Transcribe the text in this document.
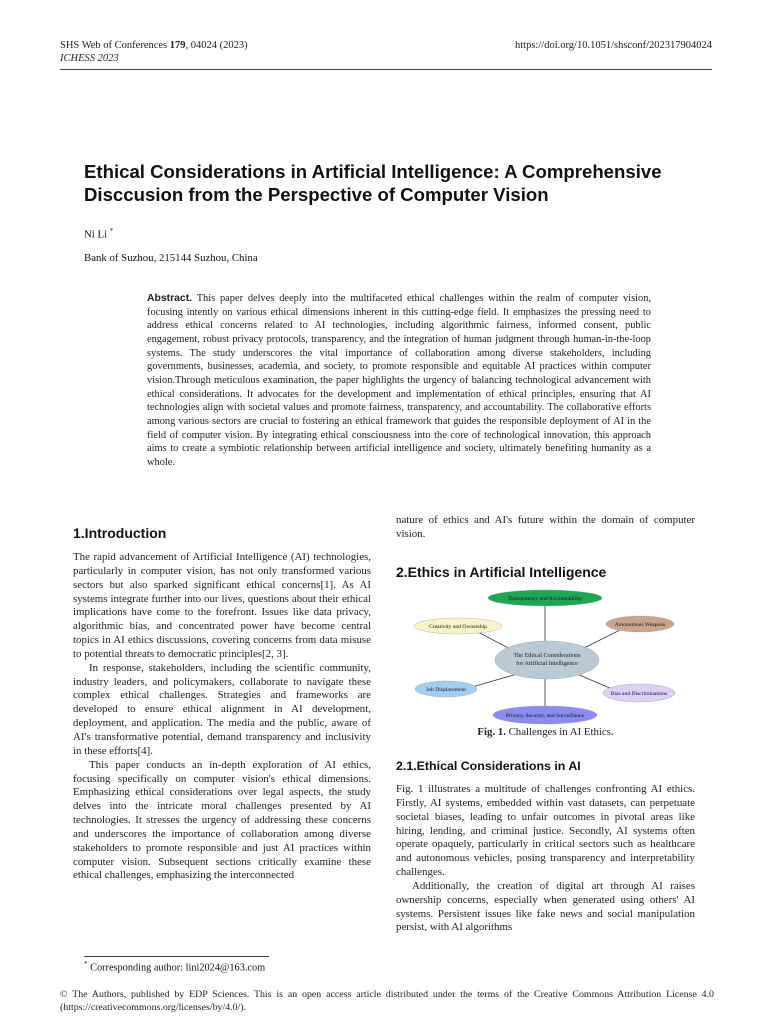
SHS Web of Conferences 179, 04024 (2023)
ICHESS 2023
https://doi.org/10.1051/shsconf/202317904024
Ethical Considerations in Artificial Intelligence: A Comprehensive Disccusion from the Perspective of Computer Vision
Ni Li *
Bank of Suzhou, 215144 Suzhou, China
Abstract. This paper delves deeply into the multifaceted ethical challenges within the realm of computer vision, focusing intently on various ethical dimensions inherent in this cutting-edge field. It emphasizes the pressing need to address ethical concerns related to AI technologies, including algorithmic fairness, informed consent, public engagement, robust privacy protocols, transparency, and the integration of human judgment through human-in-the-loop systems. The study underscores the vital importance of collaboration among diverse stakeholders, including governments, businesses, academia, and society, to promote responsible and equitable AI practices within computer vision.Through meticulous examination, the paper highlights the urgency of balancing technological advancement with ethical considerations. It advocates for the development and implementation of ethical principles, ensuring that AI technologies align with societal values and promote fairness, transparency, and accountability. The collaborative efforts among various sectors are crucial to fostering an ethical framework that guides the responsible deployment of AI in the field of computer vision. By integrating ethical consciousness into the core of technological innovation, this approach aims to create a symbiotic relationship between artificial intelligence and society, ultimately benefiting humanity as a whole.
1.Introduction

The rapid advancement of Artificial Intelligence (AI) technologies, particularly in computer vision, has not only transformed various sectors but also sparked significant ethical concerns[1]. As AI systems integrate further into our lives, questions about their ethical implications have come to the forefront. Issues like data privacy, algorithmic bias, and concentrated power have become central topics in AI ethics discussions, covering concerns from data misuse to potential threats to democratic principles[2, 3].

In response, stakeholders, including the scientific community, industry leaders, and policymakers, collaborate to navigate these complex ethical challenges. Strategies and frameworks are developed to ensure ethical alignment in AI development, deployment, and application. The media and the public, aware of AI's transformative potential, demand transparency and inclusivity in these efforts[4].

This paper conducts an in-depth exploration of AI ethics, focusing specifically on computer vision's ethical dimensions. Emphasizing ethical considerations over legal aspects, the study delves into the intricate moral challenges presented by AI technologies. It stresses the urgency of addressing these concerns and underscores the importance of collaboration among diverse stakeholders to promote responsible and just AI practices within computer vision. Subsequent sections critically examine these ethical challenges, emphasizing the interconnected

nature of ethics and AI's future within the domain of computer vision.
2.Ethics in Artificial Intelligence
The Ethical Considerations
for Artificial Intelligence
Transparency and Accountability
Creativity and Ownership	Autonomous Weapons
Job Displacement
Bias and Discriminations
Privacy, Security, and Surveillance
Fig. 1. Challenges in AI Ethics.
2.1.Ethical Considerations in AI

Fig. 1 illustrates a multitude of challenges confronting AI ethics. Firstly, AI systems, embedded within vast datasets, can perpetuate societal biases, leading to unfair outcomes in pivotal areas like hiring, lending, and criminal justice. Secondly, AI systems often operate opaquely, particularly in critical sectors such as healthcare and autonomous vehicles, posing transparency and interpretability challenges.

Additionally, the creation of digital art through AI raises ownership concerns, especially when generated using others' AI systems. Persistent issues like fake news and social manipulation persist, with AI algorithms

* Corresponding author: lini2024@163.com
© The Authors, published by EDP Sciences. This is an open access article distributed under the terms of the Creative Commons Attribution License 4.0 (https://creativecommons.org/licenses/by/4.0/).
